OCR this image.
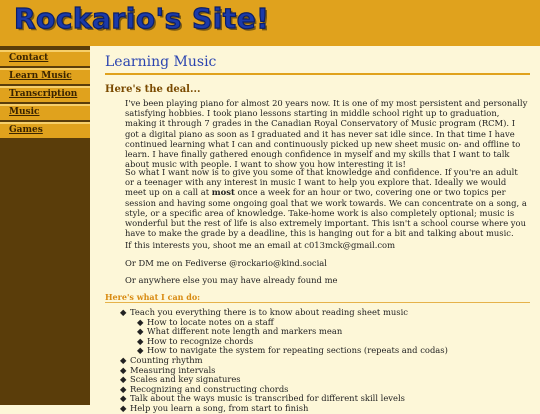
Rockario's Site!
Contact
Learn Music
Transcription
Music
Games
Learning Music
Here's the deal...

I've been playing piano for almost 20 years now. It is one of my most persistent and personally satisfying hobbies. I took piano lessons starting in middle school right up to graduation, making it through 7 grades in the Canadian Royal Conservatory of Music program (RCM). I got a digital piano as soon as I graduated and it has never sat idle since. In that time I have continued learning what I can and continuously picked up new sheet music on- and offline to learn. I have finally gathered enough confidence in myself and my skills that I want to talk about music with people. I want to show you how interesting it is!

So what I want now is to give you some of that knowledge and confidence. If you're an adult or a teenager with any interest in music I want to help you explore that. Ideally we would meet up on a call at most once a week for an hour or two, covering one or two topics per session and having some ongoing goal that we work towards. We can concentrate on a song, a style, or a specific area of knowledge. Take-home work is also completely optional; music is wonderful but the rest of life is also extremely important. This isn't a school course where you have to make the grade by a deadline, this is hanging out for a bit and talking about music.

If this interests you, shoot me an email at c013mck@gmail.com

Or DM me on Fediverse @rockario@kind.social

Or anywhere else you may have already found me

Here's what I can do:
◆ Teach you everything there is to know about reading sheet music
◆ How to locate notes on a staff
◆ What different note length and markers mean
◆ How to recognize chords
◆ How to navigate the system for repeating sections (repeats and codas)
◆ Counting rhythm
◆ Measuring intervals
◆ Scales and key signatures
◆ Recognizing and constructing chords
◆ Talk about the ways music is transcribed for different skill levels
◆ Help you learn a song, from start to finish
